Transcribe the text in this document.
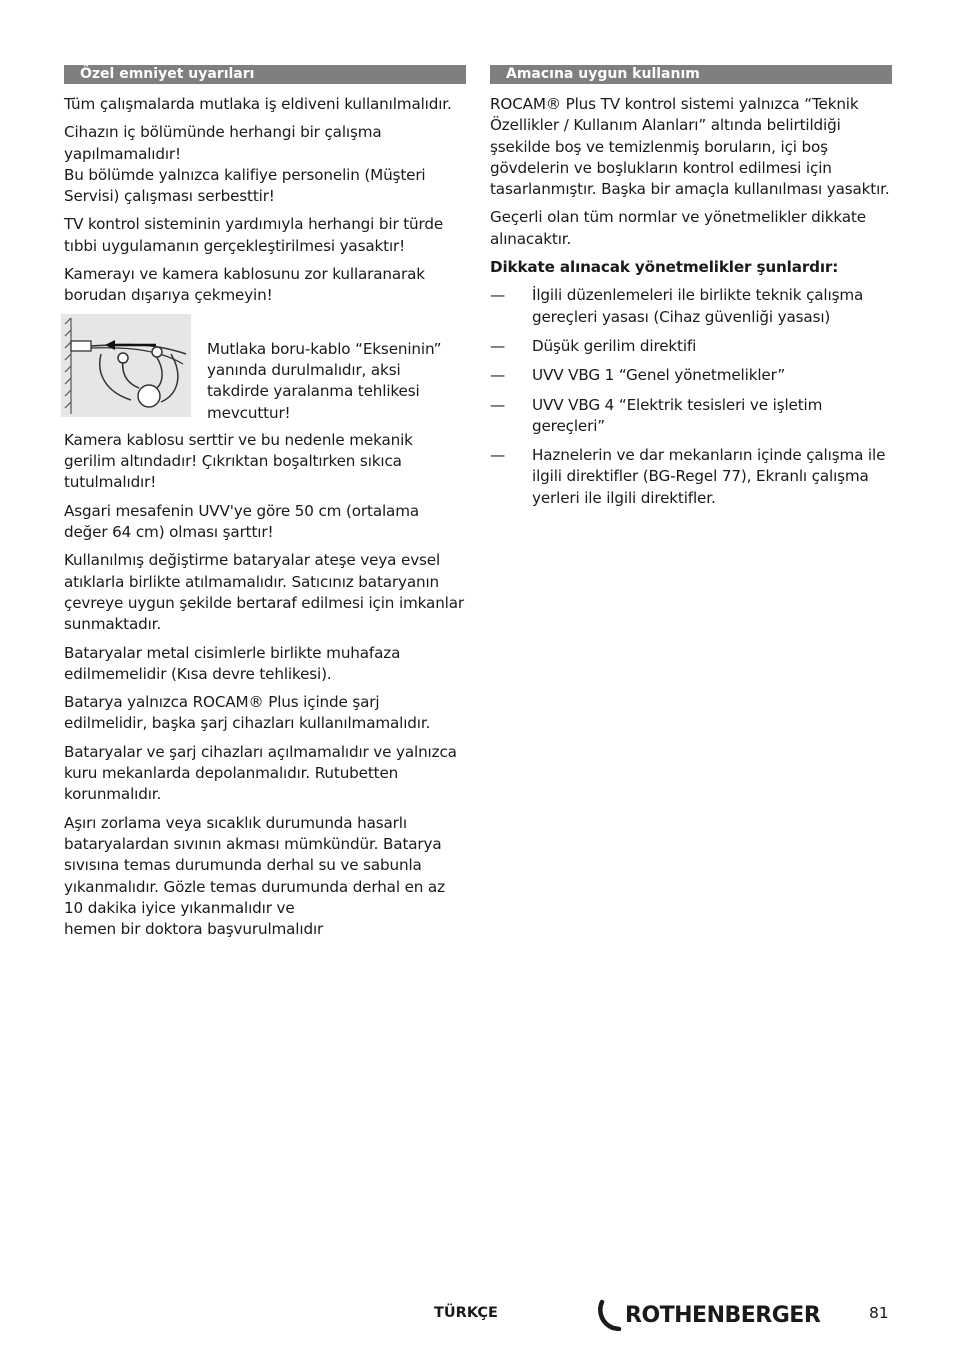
Özel emniyet uyarıları

Tüm çalışmalarda mutlaka iş eldiveni kullanılmalıdır.

Cihazın iç bölümünde herhangi bir çalışma yapılmamalıdır!
Bu bölümde yalnızca kalifiye personelin (Müşteri Servisi) çalışması serbesttir!

TV kontrol sisteminin yardımıyla herhangi bir türde tıbbi uygulamanın gerçekleştirilmesi yasaktır!

Kamerayı ve kamera kablosunu zor kullaranarak borudan dışarıya çekmeyin!

Mutlaka boru-kablo “Ekseninin” yanında durulmalıdır, aksi takdirde yaralanma tehlikesi mevcuttur!

Kamera kablosu serttir ve bu nedenle mekanik gerilim altındadır! Çıkrıktan boşaltırken sıkıca tutulmalıdır!

Asgari mesafenin UVV'ye göre 50 cm (ortalama değer 64 cm) olması şarttır!

Kullanılmış değiştirme bataryalar ateşe veya evsel atıklarla birlikte atılmamalıdır. Satıcınız bataryanın çevreye uygun şekilde bertaraf edilmesi için imkanlar sunmaktadır.

Bataryalar metal cisimlerle birlikte muhafaza edilmemelidir (Kısa devre tehlikesi).

Batarya yalnızca ROCAM® Plus içinde şarj edilmelidir, başka şarj cihazları kullanılmamalıdır.

Bataryalar ve şarj cihazları açılmamalıdır ve yalnızca kuru mekanlarda depolanmalıdır. Rutubetten korunmalıdır.

Aşırı zorlama veya sıcaklık durumunda hasarlı bataryalardan sıvının akması mümkündür. Batarya sıvısına temas durumunda derhal su ve sabunla yıkanmalıdır. Gözle temas durumunda derhal en az 10 dakika iyice yıkanmalıdır ve
hemen bir doktora başvurulmalıdır

Amacına uygun kullanım

ROCAM® Plus TV kontrol sistemi yalnızca “Teknik Özellikler / Kullanım Alanları” altında belirtildiği şsekilde boş ve temizlenmiş boruların, içi boş gövdelerin ve boşlukların kontrol edilmesi için tasarlanmıştır. Başka bir amaçla kullanılması yasaktır.

Geçerli olan tüm normlar ve yönetmelikler dikkate alınacaktır.

Dikkate alınacak yönetmelikler şunlardır:

—	İlgili düzenlemeleri ile birlikte teknik çalışma gereçleri yasası (Cihaz güvenliği yasası)
—	Düşük gerilim direktifi
—	UVV VBG 1 “Genel yönetmelikler”
—	UVV VBG 4 “Elektrik tesisleri ve işletim gereçleri”
—	Haznelerin ve dar mekanların içinde çalışma ile ilgili direktifler (BG-Regel 77), Ekranlı çalışma yerleri ile ilgili direktifler.
TÜRKÇE	ROTHENBERGER	81
